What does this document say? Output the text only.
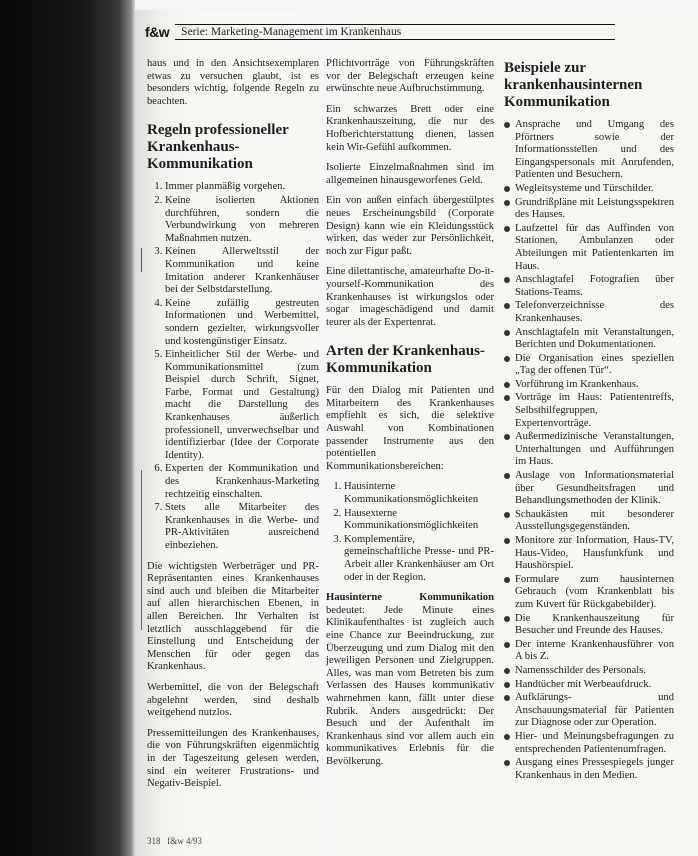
f&w Serie: Marketing-Management im Krankenhaus

haus und in den Ansichtsexemplaren etwas zu versuchen glaubt, ist es besonders wichtig, folgende Regeln zu beachten.

Regeln professioneller Krankenhaus-Kommunikation
1. Immer planmäßig vorgehen.
2. Keine isolierten Aktionen durchführen, sondern die Verbundwirkung von mehreren Maßnahmen nutzen.
3. Keinen Allerweltsstil der Kommunikation und keine Imitation anderer Krankenhäuser bei der Selbstdarstellung.
4. Keine zufällig gestreuten Informationen und Werbemittel, sondern gezielter, wirkungsvoller und kostengünstiger Einsatz.
5. Einheitlicher Stil der Werbe- und Kommunikationsmittel (zum Beispiel durch Schrift, Signet, Farbe, Format und Gestaltung) macht die Darstellung des Krankenhauses äußerlich professionell, unverwechselbar und identifizierbar (Idee der Corporate Identity).
6. Experten der Kommunikation und des Krankenhaus-Marketing rechtzeitig einschalten.
7. Stets alle Mitarbeiter des Krankenhauses in die Werbe- und PR-Aktivitäten ausreichend einbeziehen.

Die wichtigsten Werbeträger und PR-Repräsentanten eines Krankenhauses sind auch und bleiben die Mitarbeiter auf allen hierarchischen Ebenen, in allen Bereichen. Ihr Verhalten ist letztlich ausschlaggebend für die Einstellung und Entscheidung der Menschen für oder gegen das Krankenhaus.

Werbemittel, die von der Belegschaft abgelehnt werden, sind deshalb weitgehend nutzlos.

Pressemitteilungen des Krankenhauses, die von Führungskräften eigenmächtig in der Tageszeitung gelesen werden, sind ein weiterer Frustrations- und Negativ-Beispiel.

Pflichtvorträge von Führungskräften vor der Belegschaft erzeugen keine erwünschte neue Aufbruchstimmung.

Ein schwarzes Brett oder eine Krankenhauszeitung, die nur des Hofberichterstattung dienen, lassen kein Wir-Gefühl aufkommen.

Isolierte Einzelmaßnahmen sind im allgemeinen hinausgeworfenes Geld.

Ein von außen einfach übergestülptes neues Erscheinungsbild (Corporate Design) kann wie ein Kleidungsstück wirken, das weder zur Persönlichkeit, noch zur Figur paßt.

Eine dilettantische, amateurhafte Do-it-yourself-Kommunikation des Krankenhauses ist wirkungslos oder sogar imageschädigend und damit teurer als der Expertenrat.

Arten der Krankenhaus-Kommunikation

Für den Dialog mit Patienten und Mitarbeitern des Krankenhauses empfiehlt es sich, die selektive Auswahl von Kombinationen passender Instrumente aus den potentiellen Kommunikationsbereichen:

1. Hausinterne Kommunikationsmöglichkeiten
2. Hausexterne Kommunikationsmöglichkeiten
3. Komplementäre, gemeinschaftliche Presse- und PR-Arbeit aller Krankenhäuser am Ort oder in der Region.

Hausinterne Kommunikation bedeutet: Jede Minute eines Klinikaufenthaltes ist zugleich auch eine Chance zur Beeindruckung, zur Überzeugung und zum Dialog mit den jeweiligen Personen und Zielgruppen. Alles, was man vom Betreten bis zum Verlassen des Hauses kommunikativ wahrnehmen kann, fällt unter diese Rubrik. Anders ausgedrückt: Der Besuch und der Aufenthalt im Krankenhaus sind vor allem auch ein kommunikatives Erlebnis für die Bevölkerung.

Beispiele zur krankenhausinternen Kommunikation
Ansprache und Umgang des Pförtners sowie der Informationsstellen und des Eingangspersonals mit Anrufenden, Patienten und Besuchern.
Wegleitsysteme und Türschilder.
Grundrißpläne mit Leistungsspektren des Hauses.
Laufzettel für das Auffinden von Stationen, Ambulanzen oder Abteilungen mit Patientenkarten im Haus.
Anschlagtafel Fotografien über Stations-Teams.
Telefonverzeichnisse des Krankenhauses.
Anschlagtafeln mit Veranstaltungen, Berichten und Dokumentationen.
Die Organisation eines speziellen „Tag der offenen Tür“.
Vorführung im Krankenhaus.
Vorträge im Haus: Patiententreffs, Selbsthilfegruppen, Expertenvorträge.
Außermedizinische Veranstaltungen, Unterhaltungen und Aufführungen im Haus.
Auslage von Informationsmaterial über Gesundheitsfragen und Behandlungsmethoden der Klinik.
Schaukästen mit besonderer Ausstellungsgegenständen.
Monitore zur Information, Haus-TV, Haus-Video, Hausfunkfunk und Haushörspiel.
Formulare zum hausinternen Gebrauch (vom Krankenblatt bis zum Kuvert für Rückgabebilder).
Die Krankenhauszeitung für Besucher und Freunde des Hauses.
Der interne Krankenhausführer von A bis Z.
Namensschilder des Personals.
Handtücher mit Werbeaufdruck.
Aufklärungs- und Anschauungsmaterial für Patienten zur Diagnose oder zur Operation.
Hier- und Meinungsbefragungen zu entsprechenden Patientenumfragen.
Ausgang eines Pressespiegels junger Krankenhaus in den Medien.
318 f&w 4/93
